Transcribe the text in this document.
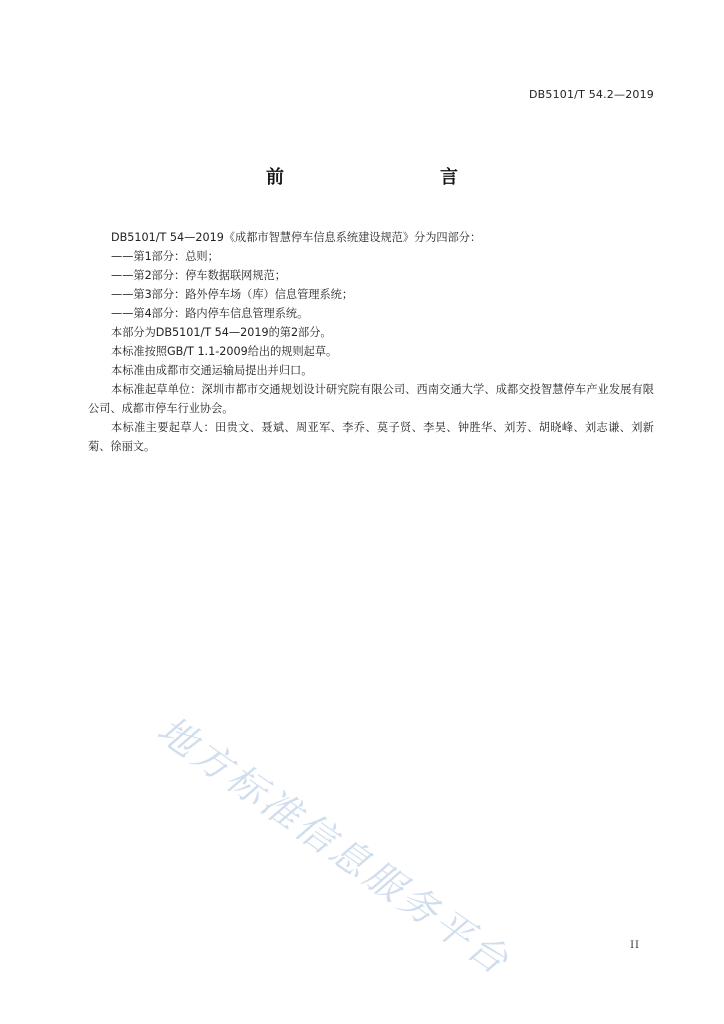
DB5101/T 54.2—2019
前　　言

DB5101/T 54—2019《成都市智慧停车信息系统建设规范》分为四部分：

——第1部分：总则；

——第2部分：停车数据联网规范；

——第3部分：路外停车场（库）信息管理系统；

——第4部分：路内停车信息管理系统。

本部分为DB5101/T 54—2019的第2部分。

本标准按照GB/T 1.1-2009给出的规则起草。

本标准由成都市交通运输局提出并归口。

本标准起草单位：深圳市都市交通规划设计研究院有限公司、西南交通大学、成都交投智慧停车产业发展有限公司、成都市停车行业协会。

本标准主要起草人：田贵文、聂斌、周亚军、李乔、莫子贤、李昊、钟胜华、刘芳、胡晓峰、刘志谦、刘新菊、徐丽文。

地方标准信息服务平台	II
